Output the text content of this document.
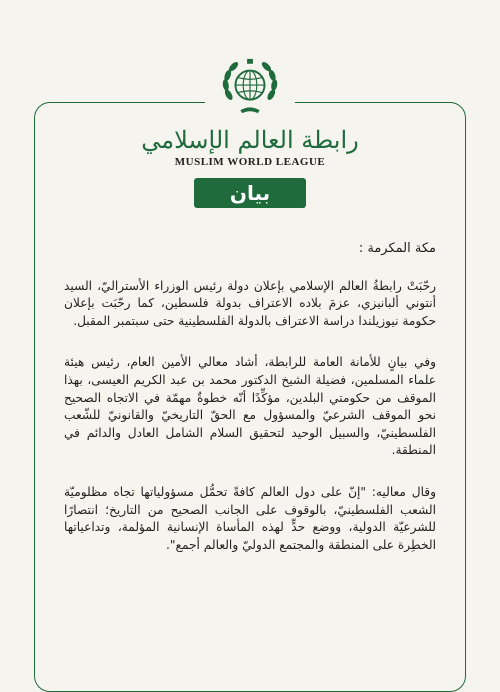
رابطة العالم الإسلامي
MUSLIM WORLD LEAGUE
بيان

مكة المكرمة :

رحّبَتْ رابطةُ العالم الإسلامي بإعلان دولة رئيس الوزراء الأستراليّ، السيد أنتوني ألبانيزي، عزمَ بلاده الاعتراف بدولة فلسطين، كما رحّبَت بإعلان حكومة نيوزيلندا دراسة الاعتراف بالدولة الفلسطينية حتى سبتمبر المقبل.

وفي بيانٍ للأمانة العامة للرابطة، أشاد معالي الأمين العام، رئيس هيئة علماء المسلمين، فضيلة الشيخ الدكتور محمد بن عبد الكريم العيسى، بهذا الموقف من حكومتي البلدين، مؤكِّدًا أنّه خطوةٌ مهمّة في الاتجاه الصحيح نحو الموقف الشرعيّ والمسؤول مع الحقّ التاريخيّ والقانونيّ للشّعب الفلسطينيّ، والسبيل الوحيد لتحقيق السلام الشامل العادل والدائم في المنطقة.

وقال معاليه: "إنّ على دول العالم كافةً تحمُّل مسؤولياتها تجاه مظلوميّة الشعب الفلسطينيّ، بالوقوف على الجانب الصحيح من التاريخ؛ انتصارًا للشرعيّة الدولية، ووضع حدٍّ لهذه المأساة الإنسانية المؤلمة، وتداعياتها الخطِرة على المنطقة والمجتمع الدوليّ والعالم أجمع".
